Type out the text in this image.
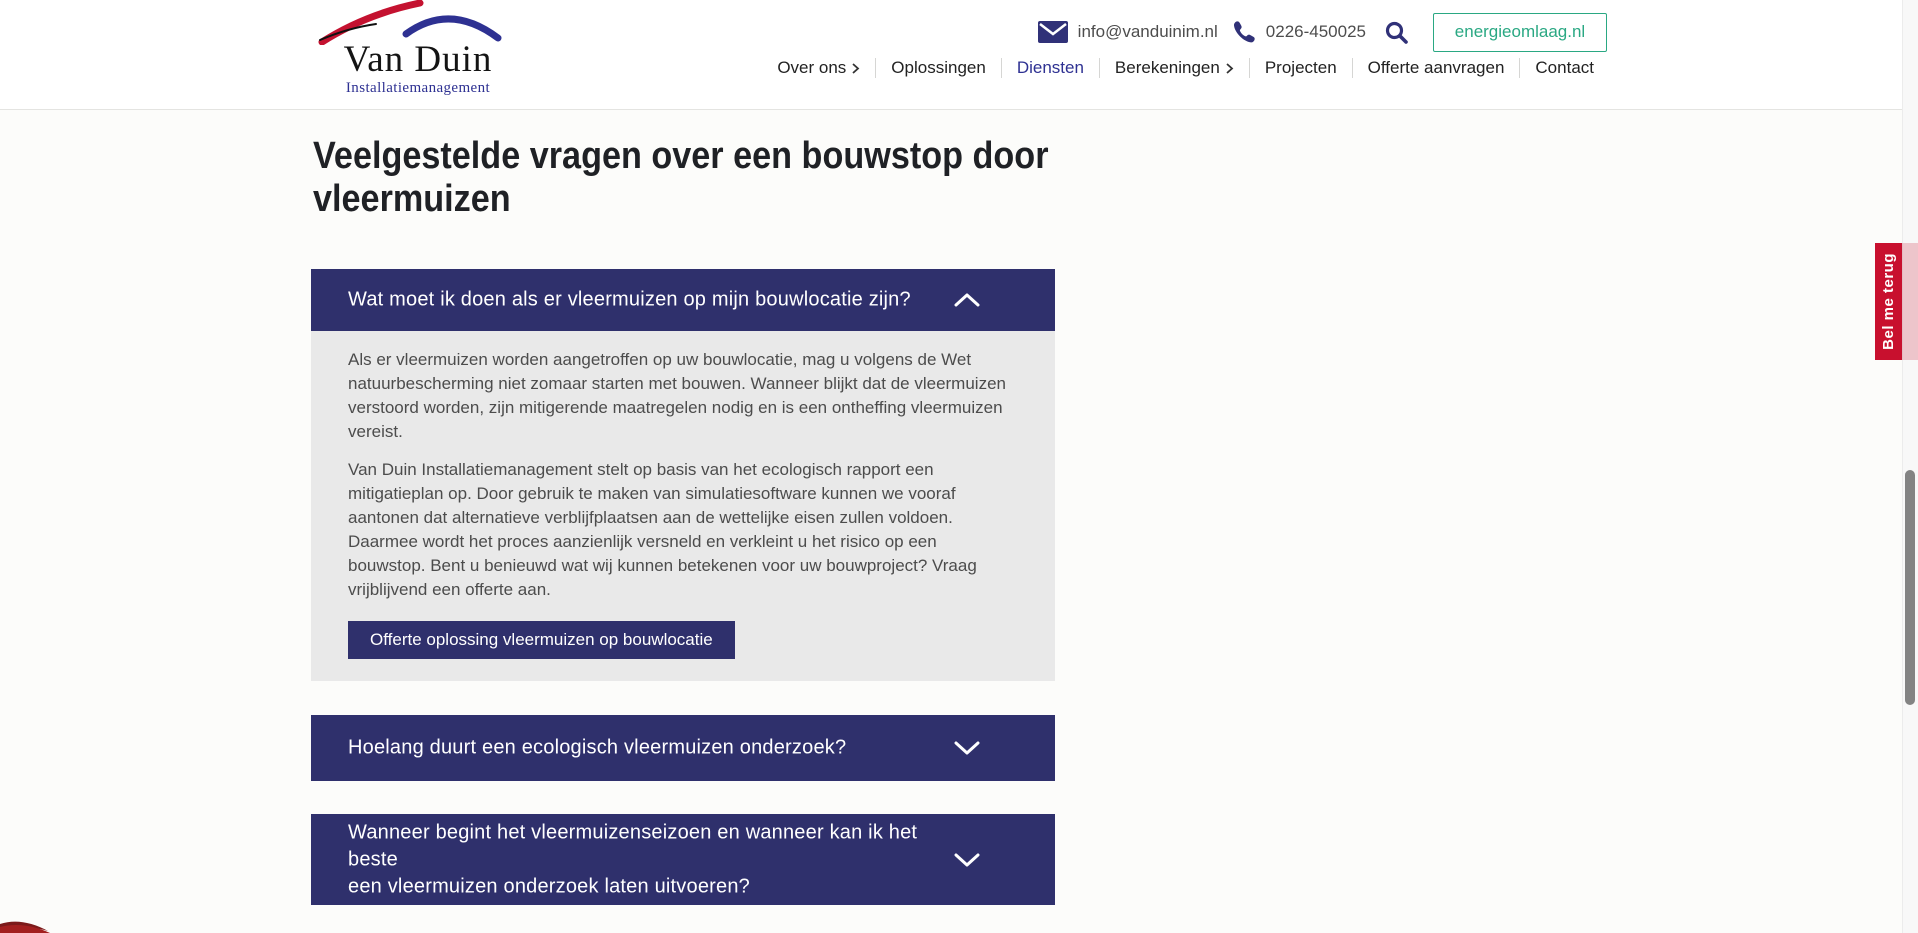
Van Duin
Installatiemanagement
info@vanduinim.nl	0226-450025	energieomlaag.nl
Over ons	Oplossingen Diensten Berekeningen	Projecten Offerte aanvragen Contact
Veelgestelde vragen over een bouwstop door
vleermuizen
Wat moet ik doen als er vleermuizen op mijn bouwlocatie zijn?

Als er vleermuizen worden aangetroffen op uw bouwlocatie, mag u volgens de Wet natuurbescherming niet zomaar starten met bouwen. Wanneer blijkt dat de vleermuizen verstoord worden, zijn mitigerende maatregelen nodig en is een ontheffing vleermuizen vereist.

Van Duin Installatiemanagement stelt op basis van het ecologisch rapport een mitigatieplan op. Door gebruik te maken van simulatiesoftware kunnen we vooraf aantonen dat alternatieve verblijfplaatsen aan de wettelijke eisen zullen voldoen. Daarmee wordt het proces aanzienlijk versneld en verkleint u het risico op een bouwstop. Bent u benieuwd wat wij kunnen betekenen voor uw bouwproject? Vraag vrijblijvend een offerte aan.

Offerte oplossing vleermuizen op bouwlocatie
Hoelang duurt een ecologisch vleermuizen onderzoek?
Wanneer begint het vleermuizenseizoen en wanneer kan ik het beste
een vleermuizen onderzoek laten uitvoeren?
Bel me terug
